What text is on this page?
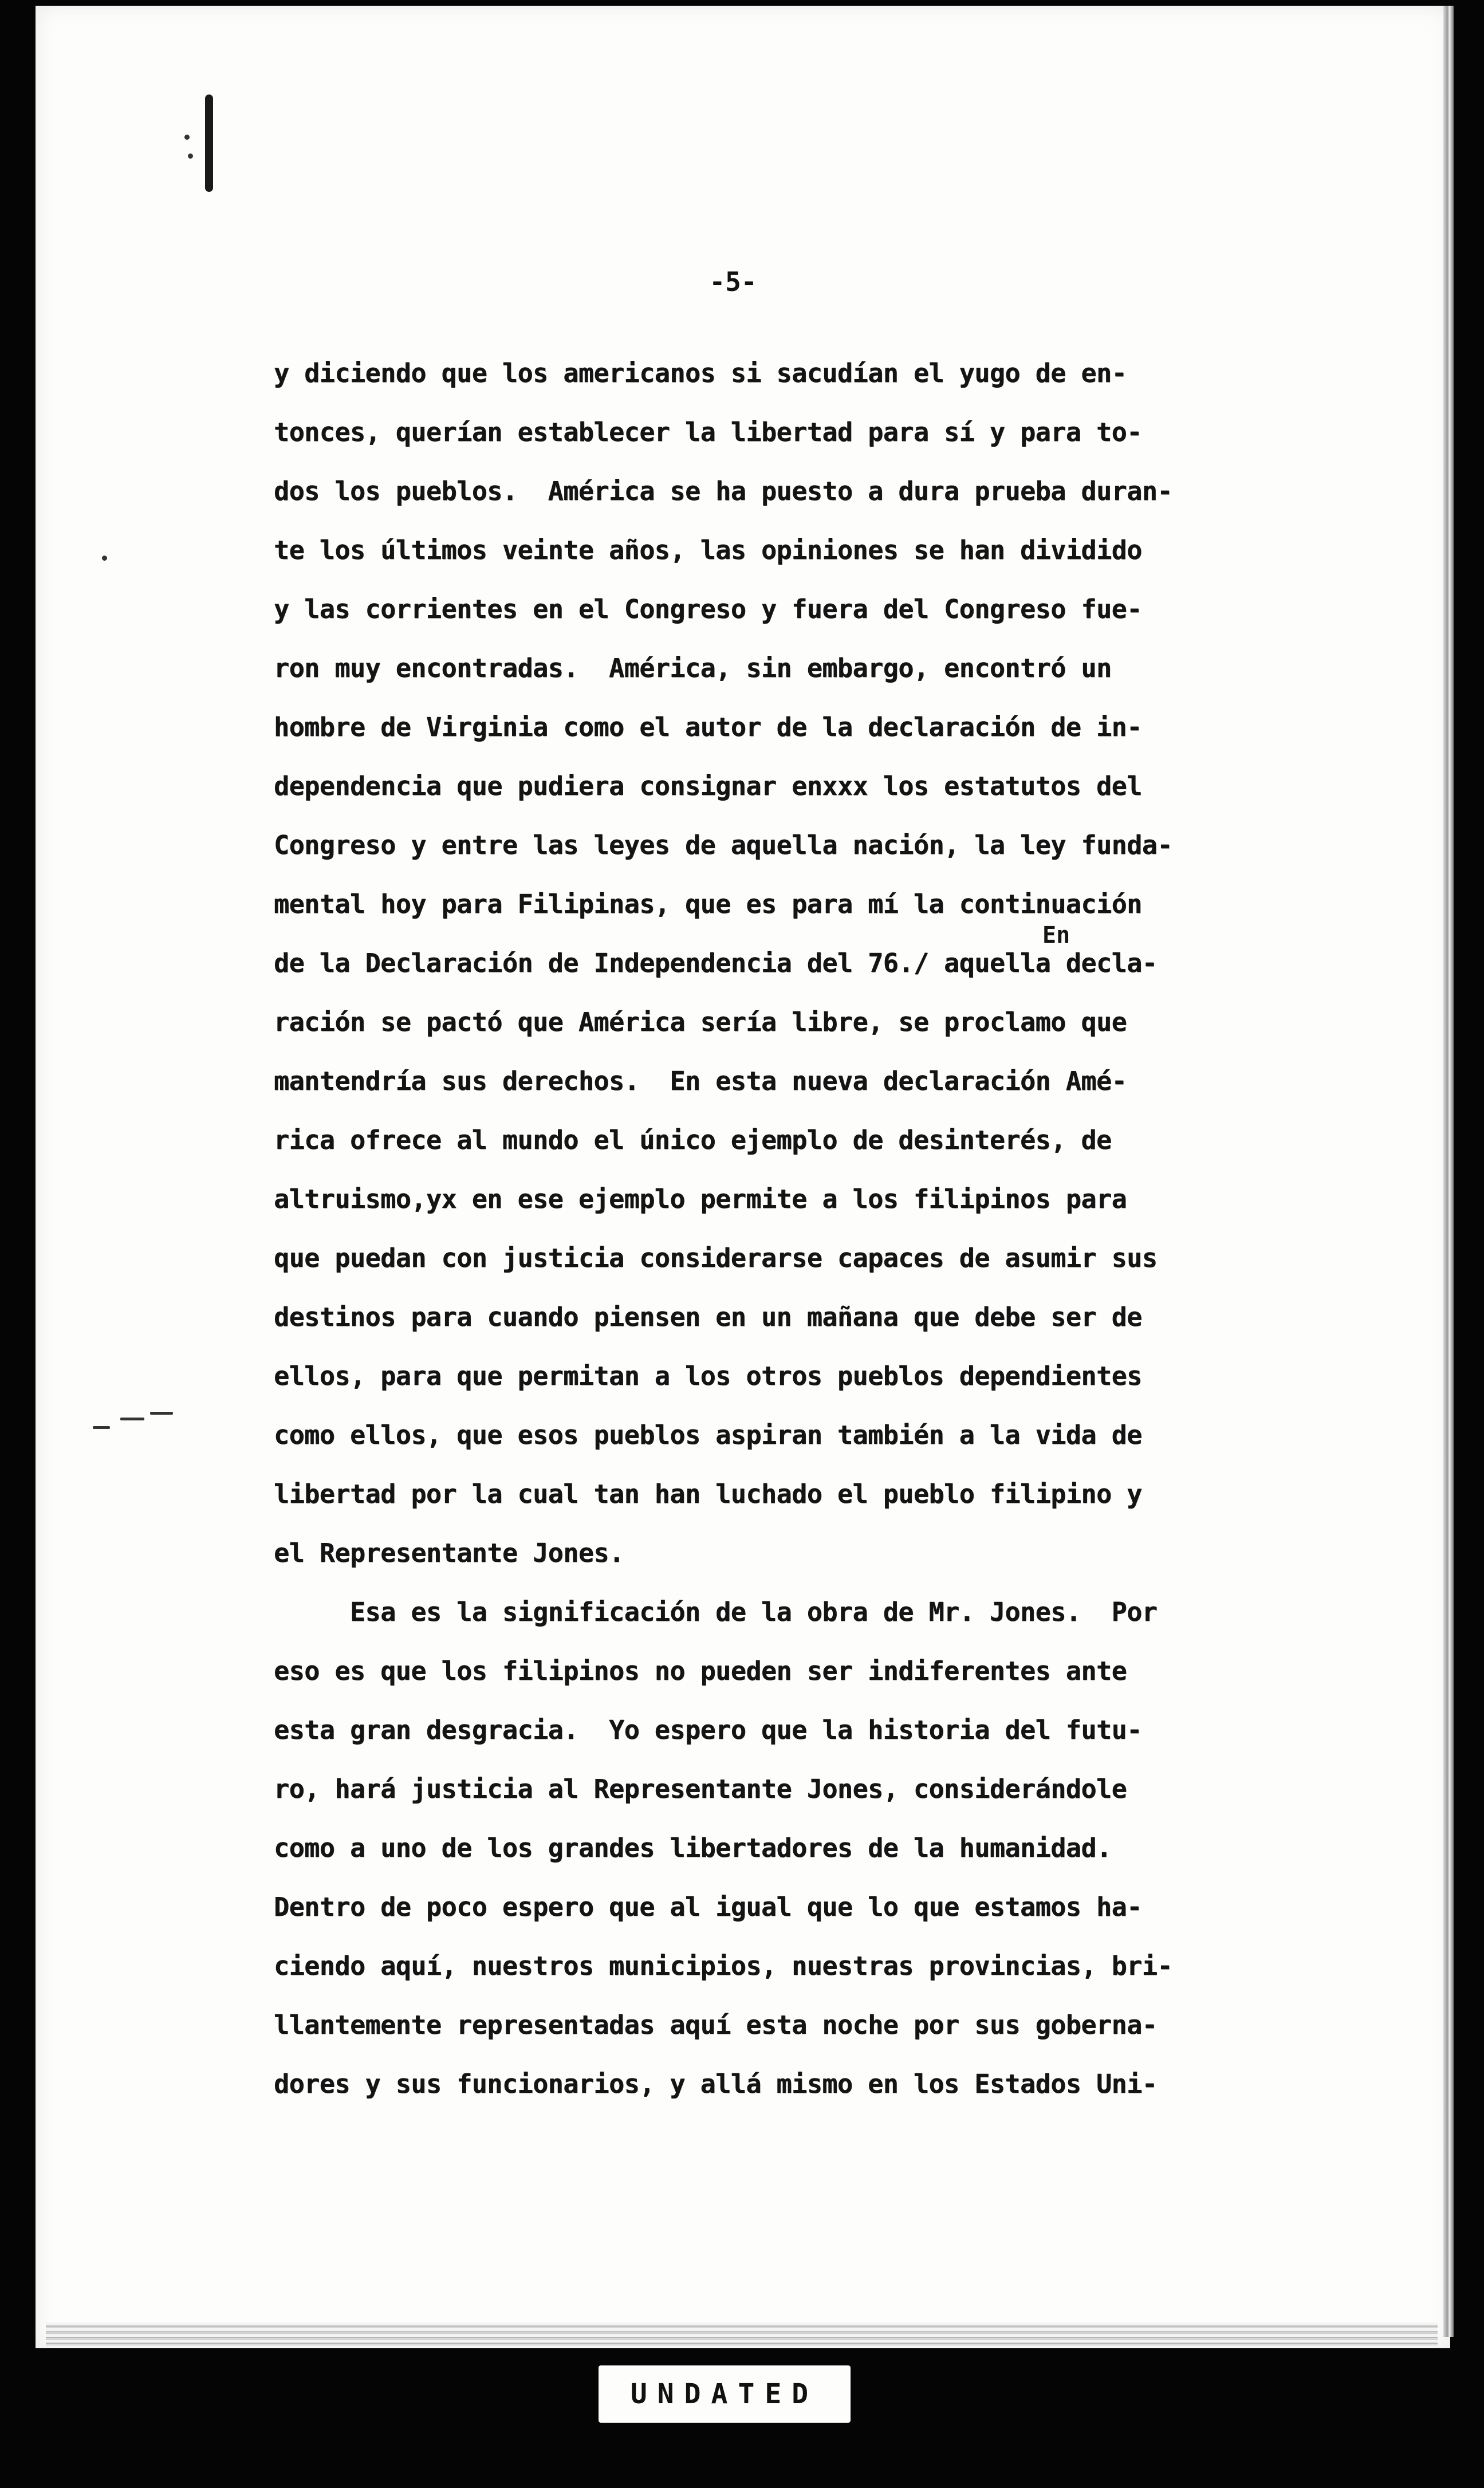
-5-
En
y diciendo que los americanos si sacudían el yugo de en-
tonces, querían establecer la libertad para sí y para to-
dos los pueblos.  América se ha puesto a dura prueba duran-
te los últimos veinte años, las opiniones se han dividido
y las corrientes en el Congreso y fuera del Congreso fue-
ron muy encontradas.  América, sin embargo, encontró un
hombre de Virginia como el autor de la declaración de in-
dependencia que pudiera consignar enxxx los estatutos del
Congreso y entre las leyes de aquella nación, la ley funda-
mental hoy para Filipinas, que es para mí la continuación
de la Declaración de Independencia del 76./ aquella decla-
ración se pactó que América sería libre, se proclamo que
mantendría sus derechos.  En esta nueva declaración Amé-
rica ofrece al mundo el único ejemplo de desinterés, de
altruismo,yx en ese ejemplo permite a los filipinos para
que puedan con justicia considerarse capaces de asumir sus
destinos para cuando piensen en un mañana que debe ser de
ellos, para que permitan a los otros pueblos dependientes
como ellos, que esos pueblos aspiran también a la vida de
libertad por la cual tan han luchado el pueblo filipino y
el Representante Jones.
Esa es la significación de la obra de Mr. Jones.  Por
eso es que los filipinos no pueden ser indiferentes ante
esta gran desgracia.  Yo espero que la historia del futu-
ro, hará justicia al Representante Jones, considerándole
como a uno de los grandes libertadores de la humanidad.
Dentro de poco espero que al igual que lo que estamos ha-
ciendo aquí, nuestros municipios, nuestras provincias, bri-
llantemente representadas aquí esta noche por sus goberna-
dores y sus funcionarios, y allá mismo en los Estados Uni-
UNDATED
